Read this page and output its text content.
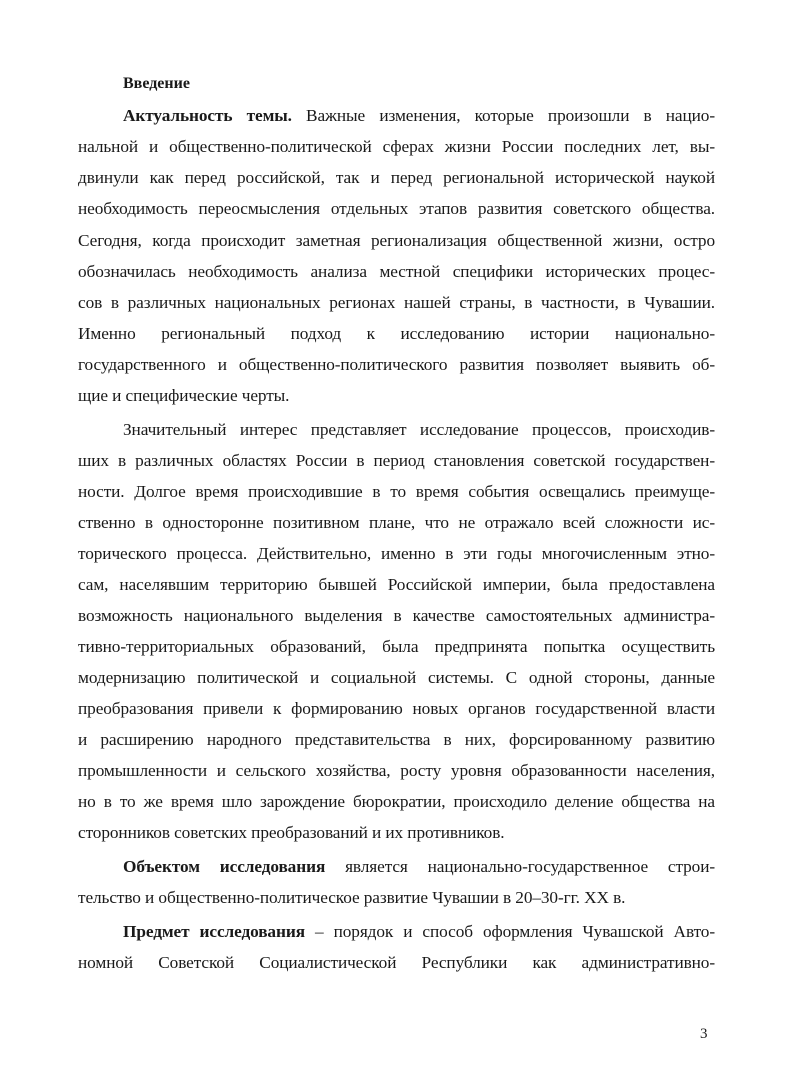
Введение
Актуальность темы. Важные изменения, которые произошли в нацио-
нальной и общественно-политической сферах жизни России последних лет, вы-
двинули как перед российской, так и перед региональной исторической наукой
необходимость переосмысления отдельных этапов развития советского общества.
Сегодня, когда происходит заметная регионализация общественной жизни, остро
обозначилась необходимость анализа местной специфики исторических процес-
сов в различных национальных регионах нашей страны, в частности, в Чувашии.
Именно региональный подход к исследованию истории национально-
государственного и общественно-политического развития позволяет выявить об-
щие и специфические черты.
Значительный интерес представляет исследование процессов, происходив-
ших в различных областях России в период становления советской государствен-
ности. Долгое время происходившие в то время события освещались преимуще-
ственно в односторонне позитивном плане, что не отражало всей сложности ис-
торического процесса. Действительно, именно в эти годы многочисленным этно-
сам, населявшим территорию бывшей Российской империи, была предоставлена
возможность национального выделения в качестве самостоятельных администра-
тивно-территориальных образований, была предпринята попытка осуществить
модернизацию политической и социальной системы. С одной стороны, данные
преобразования привели к формированию новых органов государственной власти
и расширению народного представительства в них, форсированному развитию
промышленности и сельского хозяйства, росту уровня образованности населения,
но в то же время шло зарождение бюрократии, происходило деление общества на
сторонников советских преобразований и их противников.
Объектом исследования является национально-государственное строи-
тельство и общественно-политическое развитие Чувашии в 20–30-гг. XX в.
Предмет исследования – порядок и способ оформления Чувашской Авто-
номной Советской Социалистической Республики как административно-
3
